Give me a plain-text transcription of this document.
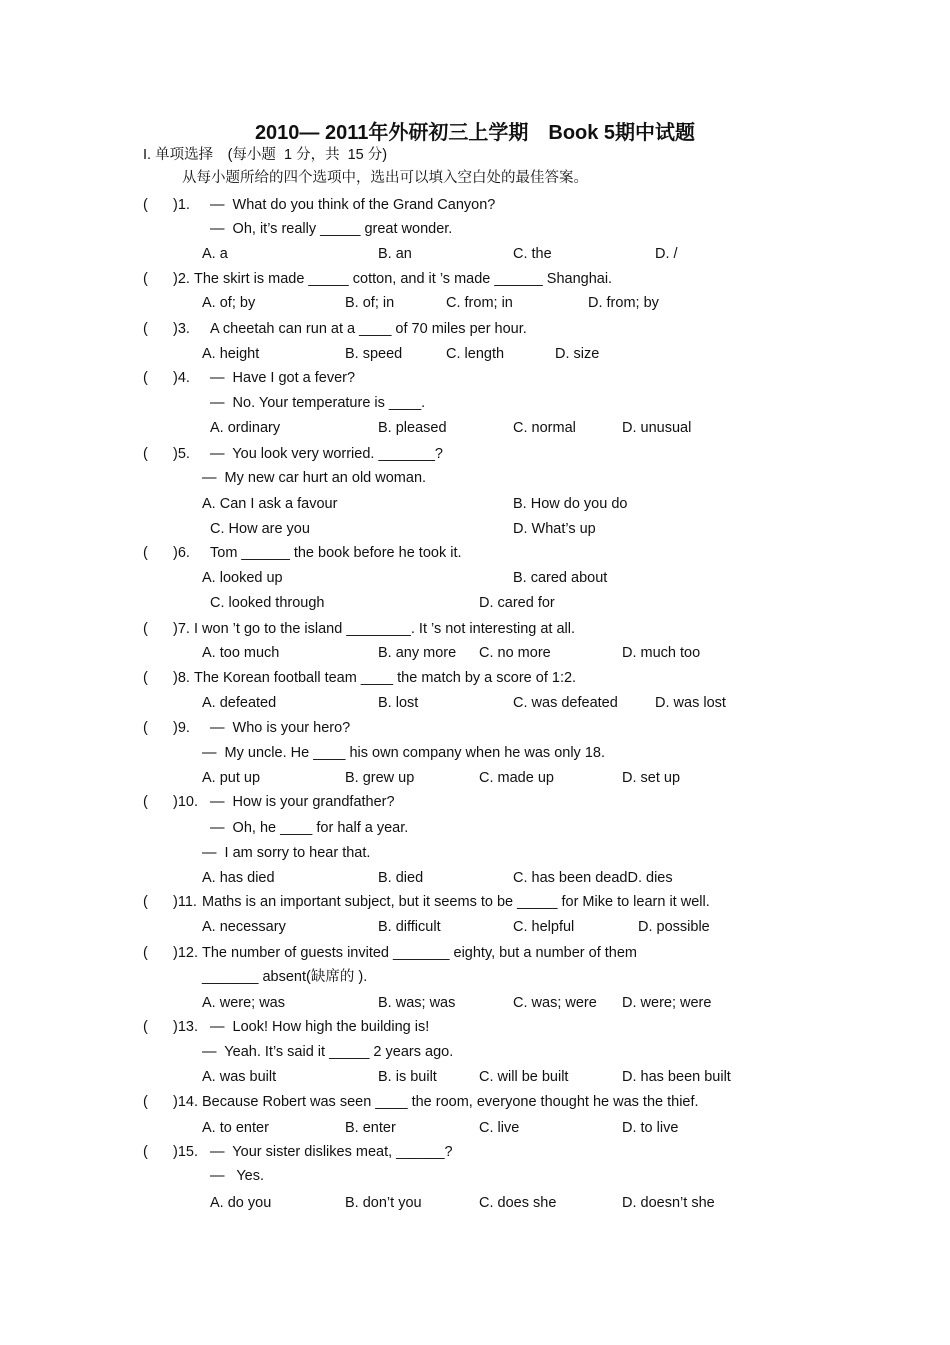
2010— 2011年外研初三上学期　Book 5期中试题
I. 单项选择　(每小题  1 分，共  15 分)
从每小题所给的四个选项中，选出可以填入空白处的最佳答案。
( )1. —  What do you think of the Grand Canyon?
—  Oh, it’s really _____ great wonder.
A. a	B. an	C. the	D. /
( )2. The skirt is made _____ cotton, and it ’s made ______ Shanghai.
A. of; by	B. of; in	C. from; in	D. from; by
( )3. A cheetah can run at a ____ of 70 miles per hour.
A. height	B. speed	C. length	D. size
( )4. —  Have I got a fever?
—  No. Your temperature is ____.
A. ordinary	B. pleased	C. normal	D. unusual
( )5. —  You look very worried. _______?
—  My new car hurt an old woman.
A. Can I ask a favour	B. How do you do
C. How are you	D. What’s up
( )6. Tom ______ the book before he took it.
A. looked up	B. cared about
C. looked through	D. cared for
( )7. I won ’t go to the island ________. It ’s not interesting at all.
A. too much	B. any more C. no more	D. much too
( )8. The Korean football team ____ the match by a score of 1:2.
A. defeated	B. lost	C. was defeated	D. was lost
( )9. —  Who is your hero?
—  My uncle. He ____ his own company when he was only 18.
A. put up	B. grew up	C. made up	D. set up
( )10. —  How is your grandfather?
—  Oh, he ____ for half a year.
—  I am sorry to hear that.
A. has died	B. died	C. has been deadD. dies
( )11. Maths is an important subject, but it seems to be _____ for Mike to learn it well.
A. necessary	B. difficult	C. helpful	D. possible
( )12. The number of guests invited _______ eighty, but a number of them
_______ absent(缺席的 ).
A. were; was	B. was; was	C. was; were D. were; were
( )13. —  Look! How high the building is!
—  Yeah. It’s said it _____ 2 years ago.
A. was built	B. is built	C. will be built	D. has been built
( )14. Because Robert was seen ____ the room, everyone thought he was the thief.
A. to enter	B. enter	C. live	D. to live
( )15. —  Your sister dislikes meat, ______?
—   Yes.
A. do you	B. don’t you	C. does she	D. doesn’t she
